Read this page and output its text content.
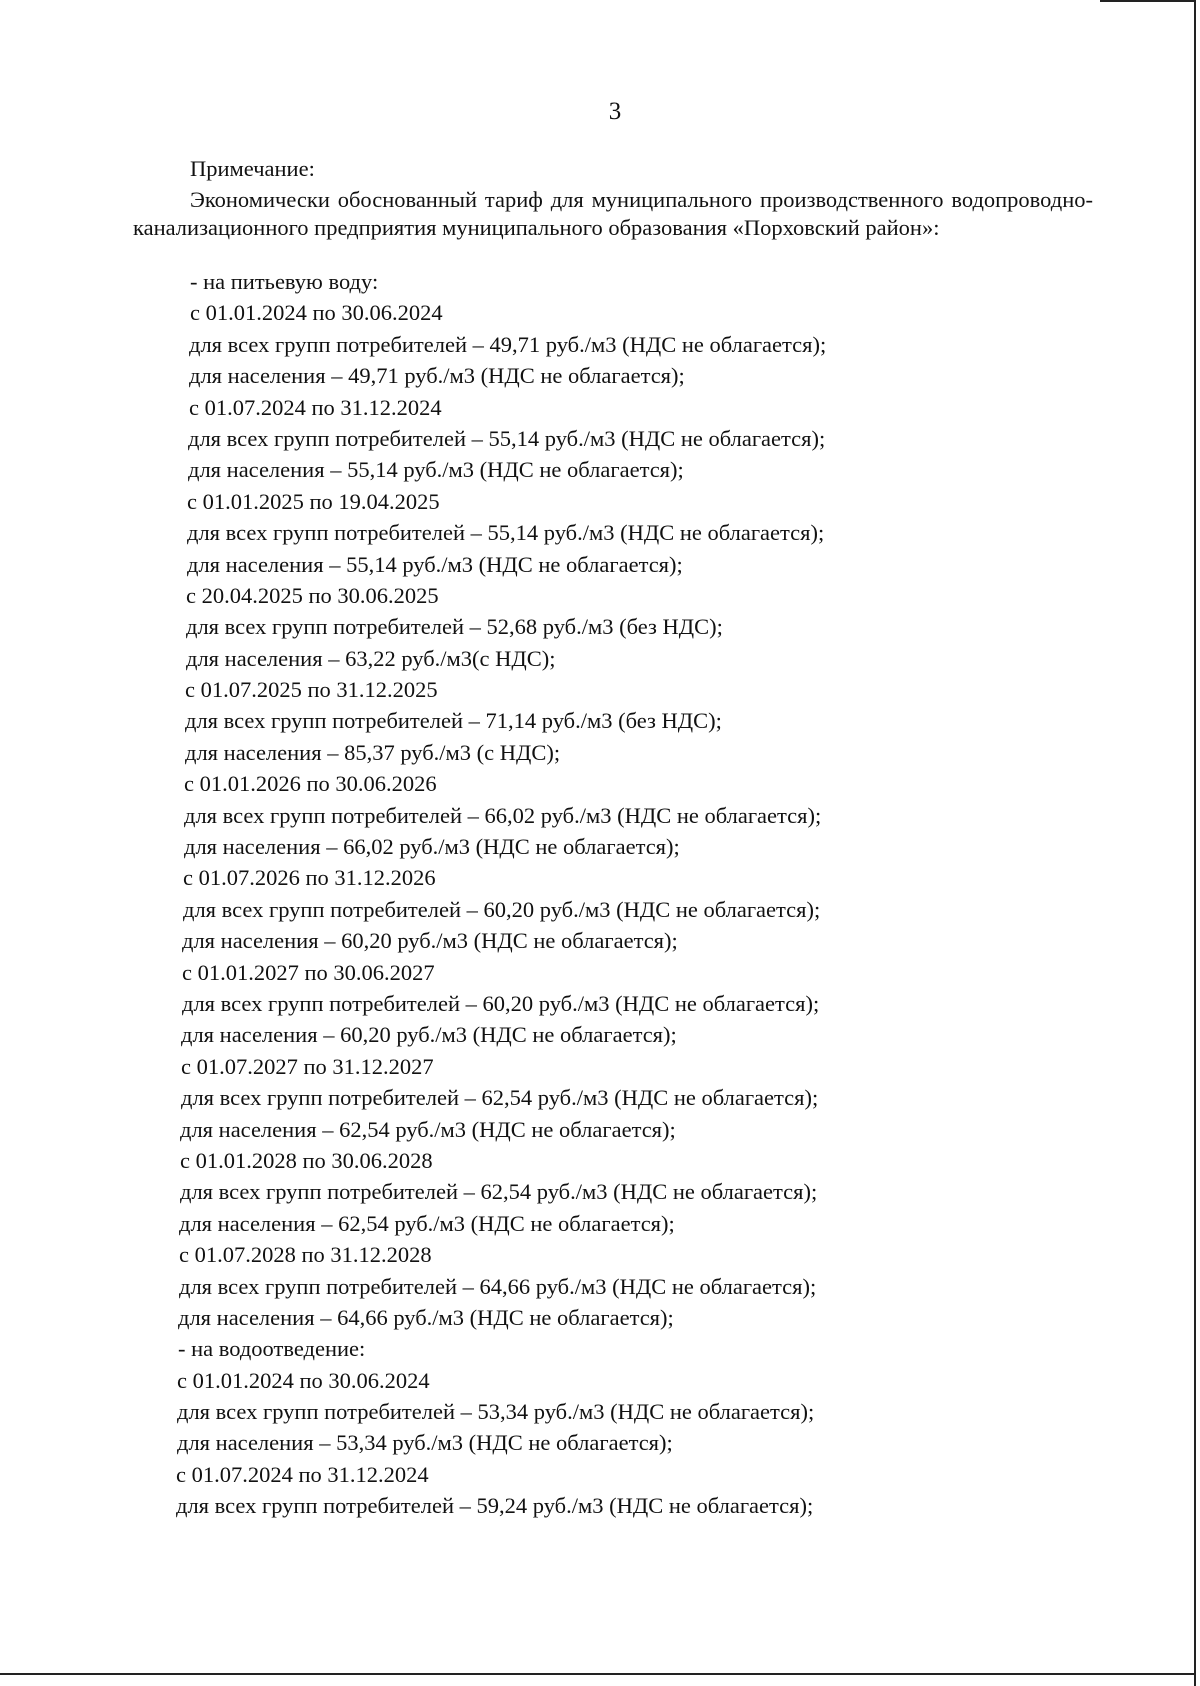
3
Примечание:

Экономически обоснованный тариф для муниципального производственного водопроводно-канализационного предприятия муниципального образования «Порховский район»:

- на питьевую воду:
с 01.01.2024 по 30.06.2024
для всех групп потребителей – 49,71 руб./м3 (НДС не облагается);
для населения – 49,71 руб./м3 (НДС не облагается);
с 01.07.2024 по 31.12.2024
для всех групп потребителей – 55,14 руб./м3 (НДС не облагается);
для населения – 55,14 руб./м3 (НДС не облагается);
с 01.01.2025 по 19.04.2025
для всех групп потребителей – 55,14 руб./м3 (НДС не облагается);
для населения – 55,14 руб./м3 (НДС не облагается);
с 20.04.2025 по 30.06.2025
для всех групп потребителей – 52,68 руб./м3 (без НДС);
для населения – 63,22 руб./м3(с НДС);
с 01.07.2025 по 31.12.2025
для всех групп потребителей – 71,14 руб./м3 (без НДС);
для населения – 85,37 руб./м3 (с НДС);
с 01.01.2026 по 30.06.2026
для всех групп потребителей – 66,02 руб./м3 (НДС не облагается);
для населения – 66,02 руб./м3 (НДС не облагается);
с 01.07.2026 по 31.12.2026
для всех групп потребителей – 60,20 руб./м3 (НДС не облагается);
для населения – 60,20 руб./м3 (НДС не облагается);
с 01.01.2027 по 30.06.2027
для всех групп потребителей – 60,20 руб./м3 (НДС не облагается);
для населения – 60,20 руб./м3 (НДС не облагается);
с 01.07.2027 по 31.12.2027
для всех групп потребителей – 62,54 руб./м3 (НДС не облагается);
для населения – 62,54 руб./м3 (НДС не облагается);
с 01.01.2028 по 30.06.2028
для всех групп потребителей – 62,54 руб./м3 (НДС не облагается);
для населения – 62,54 руб./м3 (НДС не облагается);
с 01.07.2028 по 31.12.2028
для всех групп потребителей – 64,66 руб./м3 (НДС не облагается);
для населения – 64,66 руб./м3 (НДС не облагается);
- на водоотведение:
с 01.01.2024 по 30.06.2024
для всех групп потребителей – 53,34 руб./м3 (НДС не облагается);
для населения – 53,34 руб./м3 (НДС не облагается);
с 01.07.2024 по 31.12.2024
для всех групп потребителей – 59,24 руб./м3 (НДС не облагается);
